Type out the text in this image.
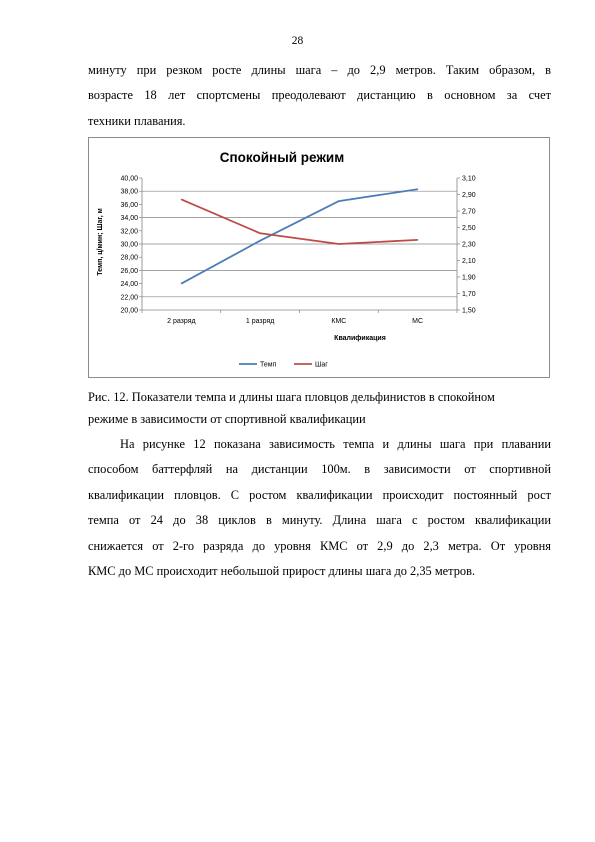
28
минуту при резком росте длины шага – до 2,9 метров. Таким образом, в
возрасте 18 лет спортсмены преодолевают дистанцию в основном за счет
техники плавания.
Спокойный режим
40,00
38,00
36,00
34,00
32,00
30,00
28,00
26,00
24,00
22,00
20,00
3,10
2,90
2,70
2,50
2,30
2,10
1,90
1,70
1,50
2 разряд	1 разряд	КМС	МС
Квалификация
Темп, ц/мин; Шаг, м
Темп	Шаг
Рис. 12. Показатели темпа и длины шага пловцов дельфинистов в спокойном
режиме в зависимости от спортивной квалификации
На рисунке 12 показана зависимость темпа и длины шага при плавании
способом баттерфляй на дистанции 100м. в зависимости от спортивной
квалификации пловцов. С ростом квалификации происходит постоянный рост
темпа от 24 до 38 циклов в минуту. Длина шага с ростом квалификации
снижается от 2-го разряда до уровня КМС от 2,9 до 2,3 метра. От уровня
КМС до МС происходит небольшой прирост длины шага до 2,35 метров.
